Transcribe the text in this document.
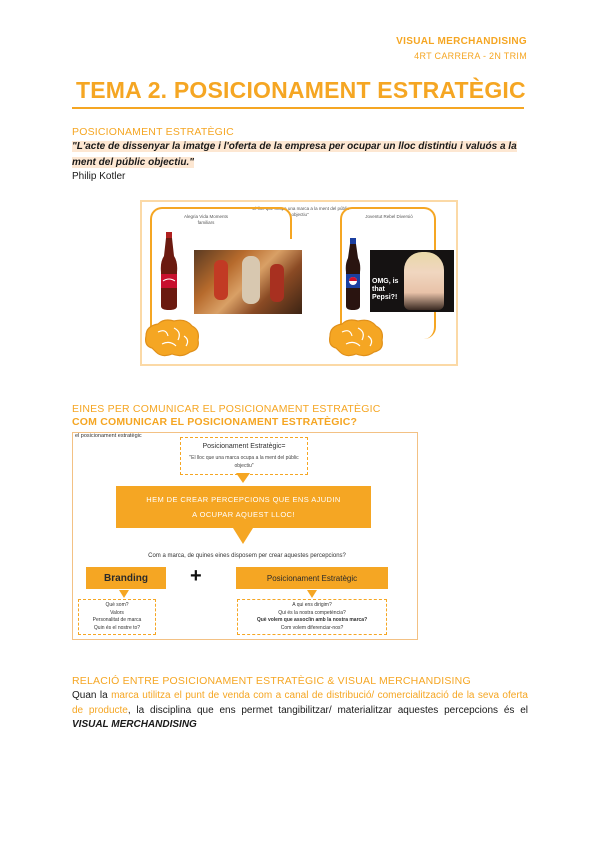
VISUAL MERCHANDISING
4RT CARRERA - 2N TRIM
TEMA 2. POSICIONAMENT ESTRATÈGIC
POSICIONAMENT ESTRATÈGIC
"L'acte de dissenyar la imatge i l'oferta de la empresa per ocupar un lloc distintiu i valuós a la ment del públic objectiu."
Philip Kotler
"El lloc que ocupa una marca a la ment del públic objectiu"
Alegria Vida Moments familiars
Joventut Rebel Diversió
OMG, is that Pepsi?!
EINES PER COMUNICAR EL POSICIONAMENT ESTRATÈGIC
COM COMUNICAR EL POSICIONAMENT ESTRATÈGIC?
el posicionament estratègic
Posicionament Estratègic=
"El lloc que una marca ocupa a la ment del públic objectiu"
HEM DE CREAR PERCEPCIONS QUE ENS AJUDIN
A OCUPAR AQUEST LLOC!
Com a marca, de quines eines disposem per crear aquestes percepcions?
Branding	+	Posicionament Estratègic
Què som?
Valors
Personalitat de marca
Quin és el nostre to?
A qui ens dirigim?
Qui és la nostra competència?
Què volem que associïn amb la nostra marca?
Com volem diferenciar-nos?
RELACIÓ ENTRE POSICIONAMENT ESTRATÈGIC & VISUAL MERCHANDISING
Quan la marca utilitza el punt de venda com a canal de distribució/ comercialització de la seva oferta de producte, la disciplina que ens permet tangibilitzar/ materialitzar aquestes percepcions és el VISUAL MERCHANDISING
